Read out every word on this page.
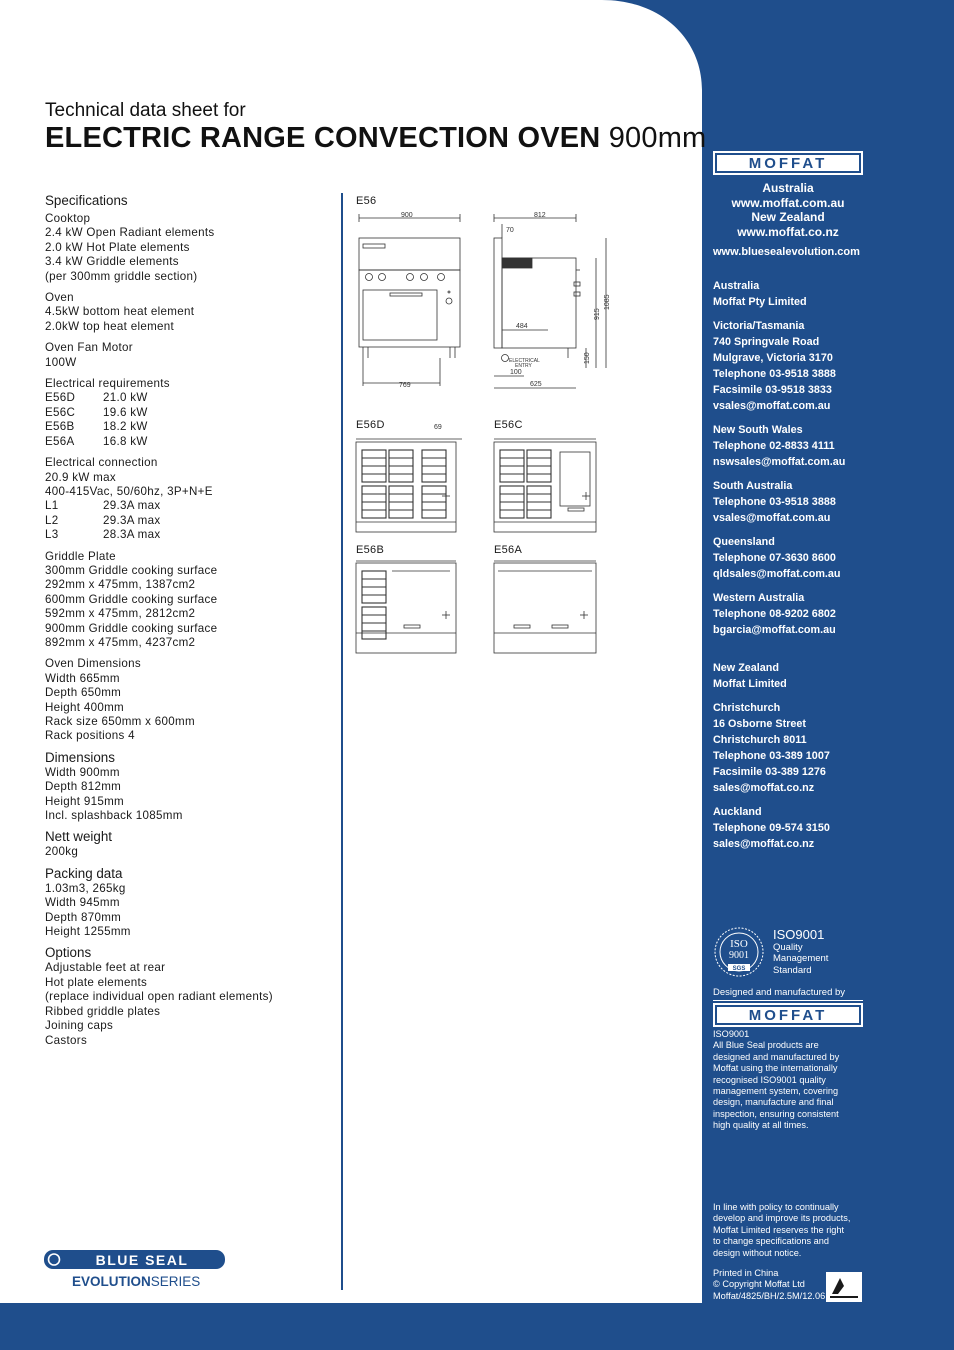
Technical data sheet for
ELECTRIC RANGE CONVECTION OVEN 900mm
Specifications
Cooktop
2.4 kW Open Radiant elements
2.0 kW Hot Plate elements
3.4 kW Griddle elements
(per 300mm griddle section)
Oven
4.5kW bottom heat element
2.0kW top heat element
Oven Fan Motor
100W
Electrical requirements
E56D	21.0 kW
E56C	19.6 kW
E56B	18.2 kW
E56A	16.8 kW
Electrical connection
20.9 kW max
400-415Vac, 50/60hz, 3P+N+E
L1	29.3A max
L2	29.3A max
L3	28.3A max
Griddle Plate
300mm Griddle cooking surface
292mm x 475mm, 1387cm2
600mm Griddle cooking surface
592mm x 475mm, 2812cm2
900mm Griddle cooking surface
892mm x 475mm, 4237cm2
Oven Dimensions
Width 665mm
Depth 650mm
Height 400mm
Rack size 650mm x 600mm
Rack positions 4
Dimensions
Width 900mm
Depth 812mm
Height 915mm
Incl. splashback 1085mm
Nett weight
200kg
Packing data
1.03m3, 265kg
Width 945mm
Depth 870mm
Height 1255mm
Options
Adjustable feet at rear
Hot plate elements
(replace individual open radiant elements)
Ribbed griddle plates
Joining caps
Castors
E56
E56D	E56C
E56B	E56A
900
769
812
70
484
ELECTRICAL
ENTRY
100
625
150
915
1085
69
MOFFAT
Australia
www.moffat.com.au
New Zealand
www.moffat.co.nz
www.bluesealevolution.com
Australia
Moffat Pty Limited
Victoria/Tasmania
740 Springvale Road
Mulgrave, Victoria 3170
Telephone 03-9518 3888
Facsimile 03-9518 3833
vsales@moffat.com.au
New South Wales
Telephone 02-8833 4111
nswsales@moffat.com.au
South Australia
Telephone 03-9518 3888
vsales@moffat.com.au
Queensland
Telephone 07-3630 8600
qldsales@moffat.com.au
Western Australia
Telephone 08-9202 6802
bgarcia@moffat.com.au
New Zealand
Moffat Limited
Christchurch
16 Osborne Street
Christchurch 8011
Telephone 03-389 1007
Facsimile 03-389 1276
sales@moffat.co.nz
Auckland
Telephone 09-574 3150
sales@moffat.co.nz
ISO
9001
SGS
ISO9001
Quality
Management
Standard
Designed and manufactured by
MOFFAT
ISO9001
All Blue Seal products are
designed and manufactured by
Moffat using the internationally
recognised ISO9001 quality
management system, covering
design, manufacture and final
inspection, ensuring consistent
high quality at all times.
In line with policy to continually
develop and improve its products,
Moffat Limited reserves the right
to change specifications and
design without notice.
Printed in China
© Copyright Moffat Ltd
Moffat/4825/BH/2.5M/12.06
BLUE SEAL
EVOLUTIONSERIES
